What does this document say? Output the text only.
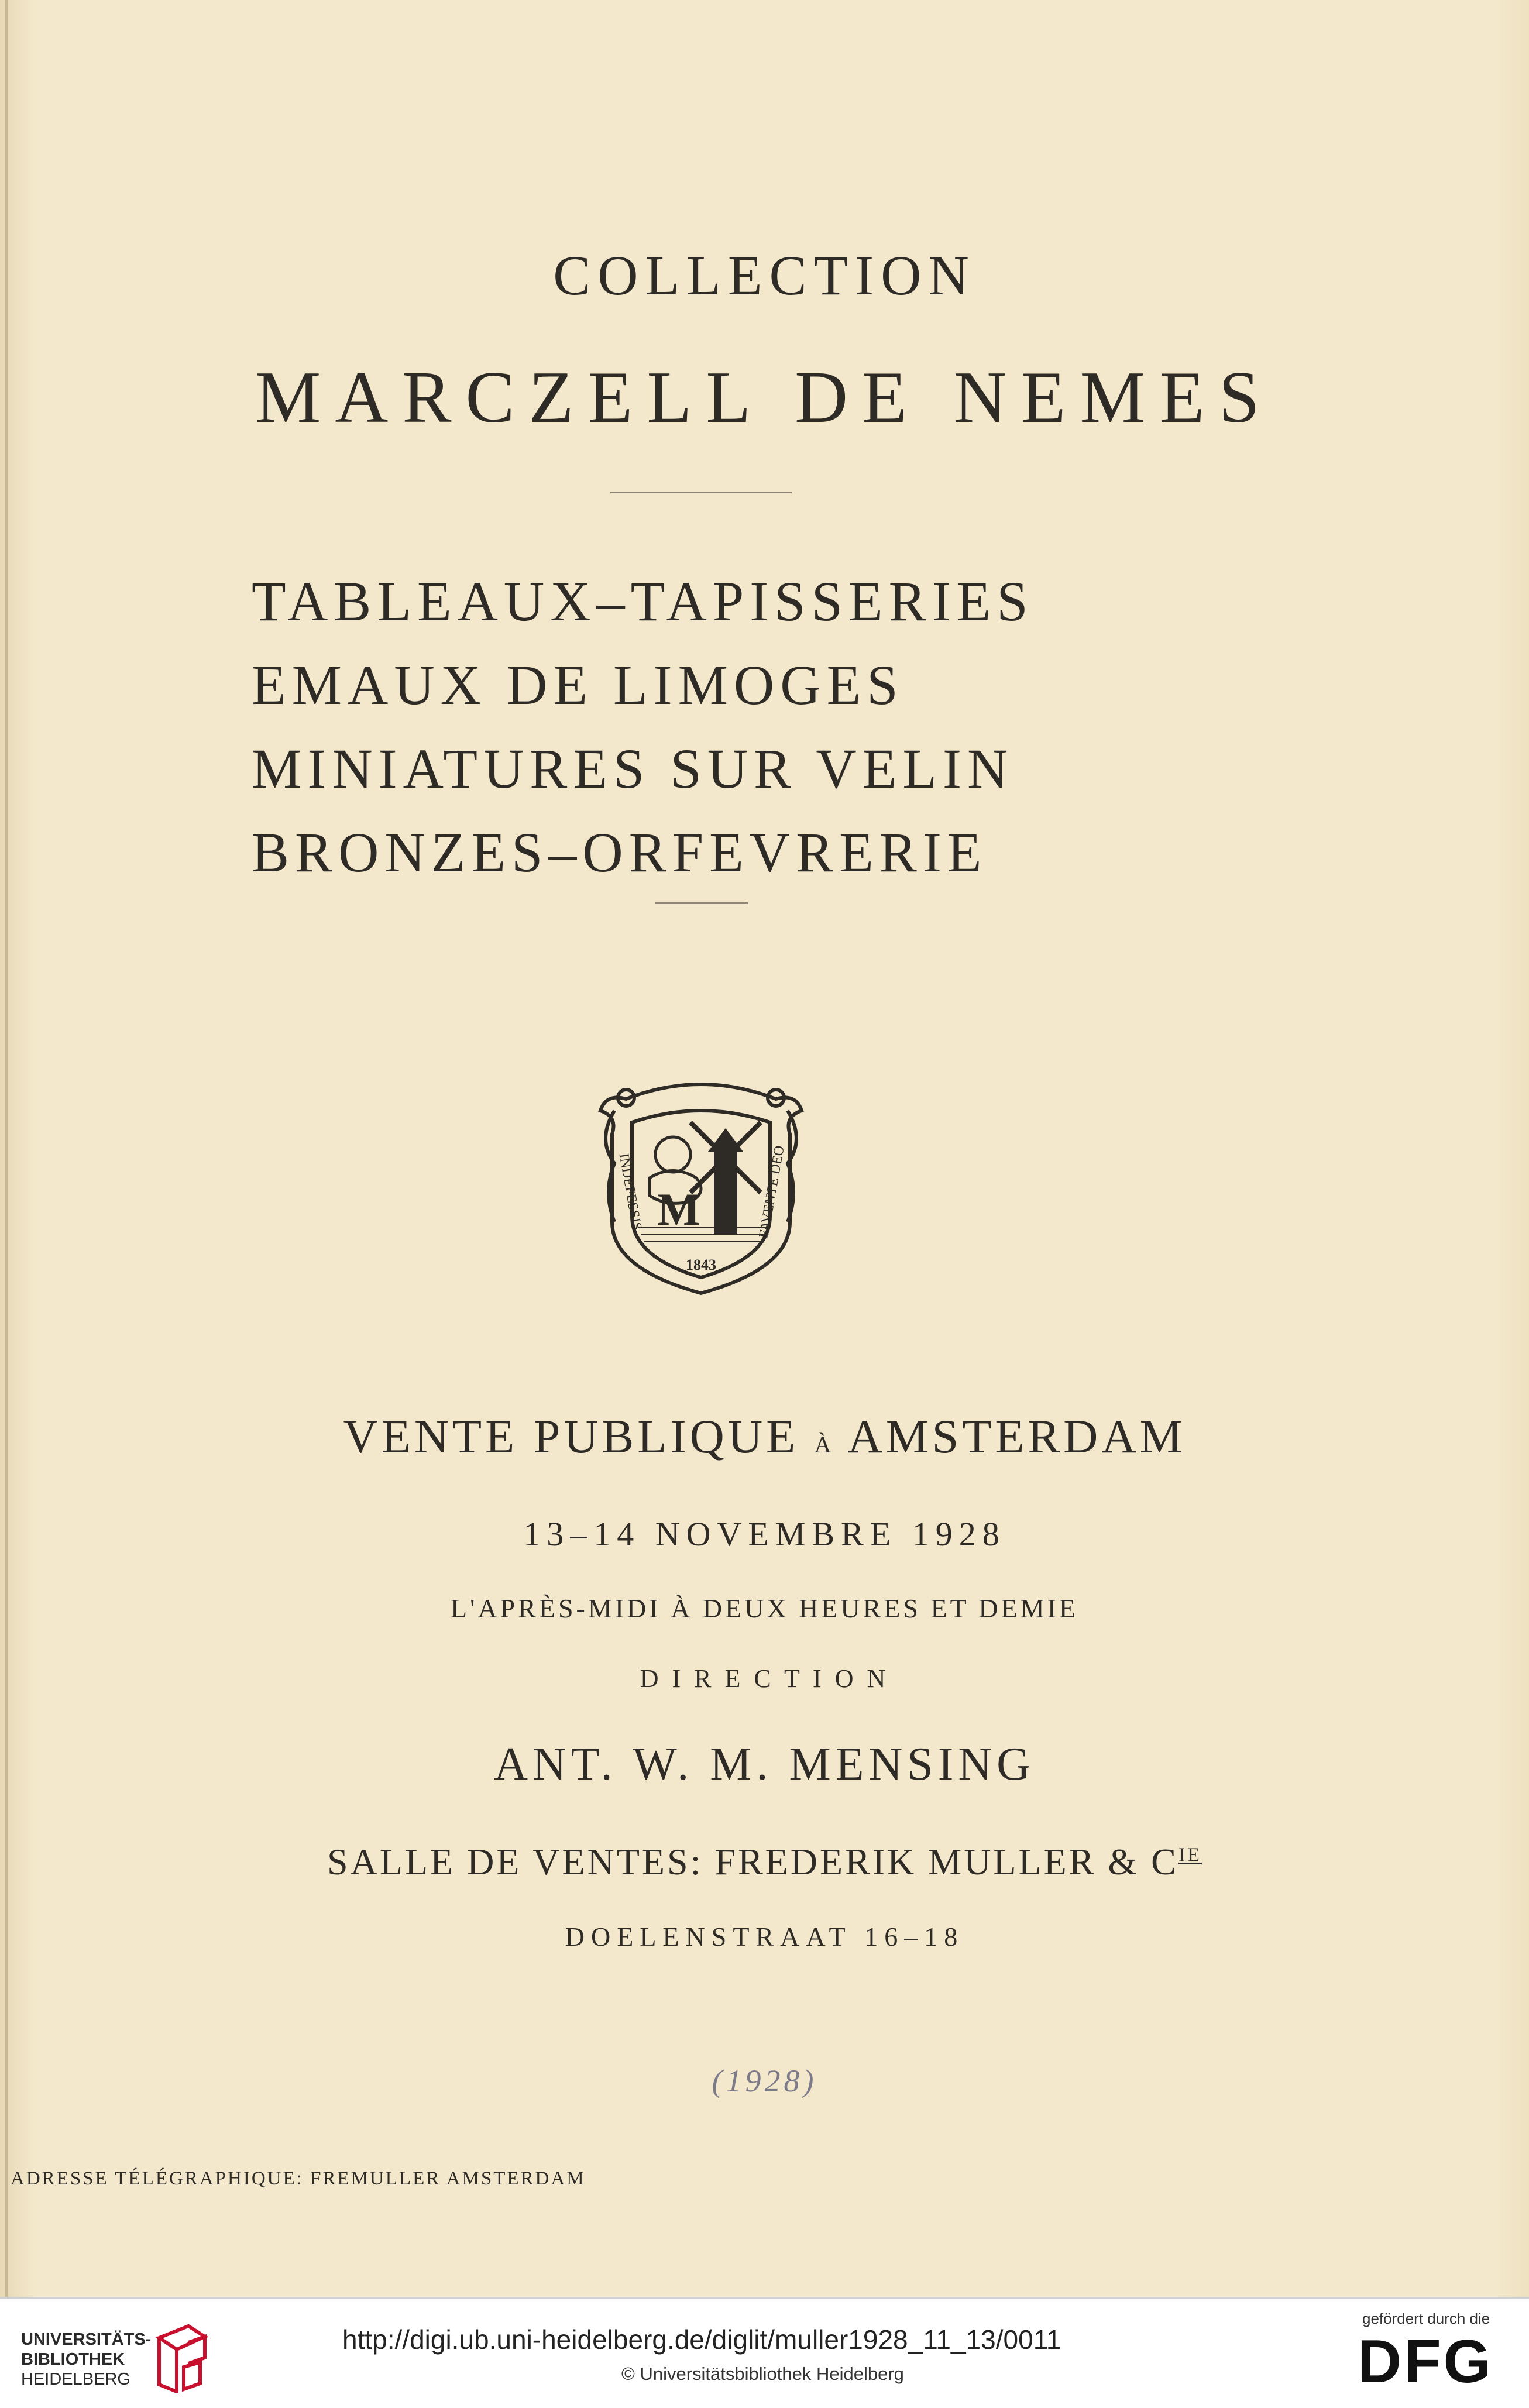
COLLECTION
MARCZELL DE NEMES
TABLEAUX–TAPISSERIES
EMAUX DE LIMOGES
MINIATURES SUR VELIN
BRONZES–ORFEVRERIE
M
1843
INDEFESSIS	FAVENTE DEO
VENTE PUBLIQUE À AMSTERDAM
13–14 NOVEMBRE 1928
L'APRÈS-MIDI À DEUX HEURES ET DEMIE
D I R E C T I O N
ANT. W. M. MENSING
SALLE DE VENTES: FREDERIK MULLER & $C^{IE}$
DOELENSTRAAT 16–18
(1928)
ADRESSE TÉLÉGRAPHIQUE: FREMULLER AMSTERDAM
UNIVERSITÄTS-
BIBLIOTHEK
HEIDELBERG
http://digi.ub.uni-heidelberg.de/diglit/muller1928_11_13/0011
© Universitätsbibliothek Heidelberg
gefördert durch die
DFG
